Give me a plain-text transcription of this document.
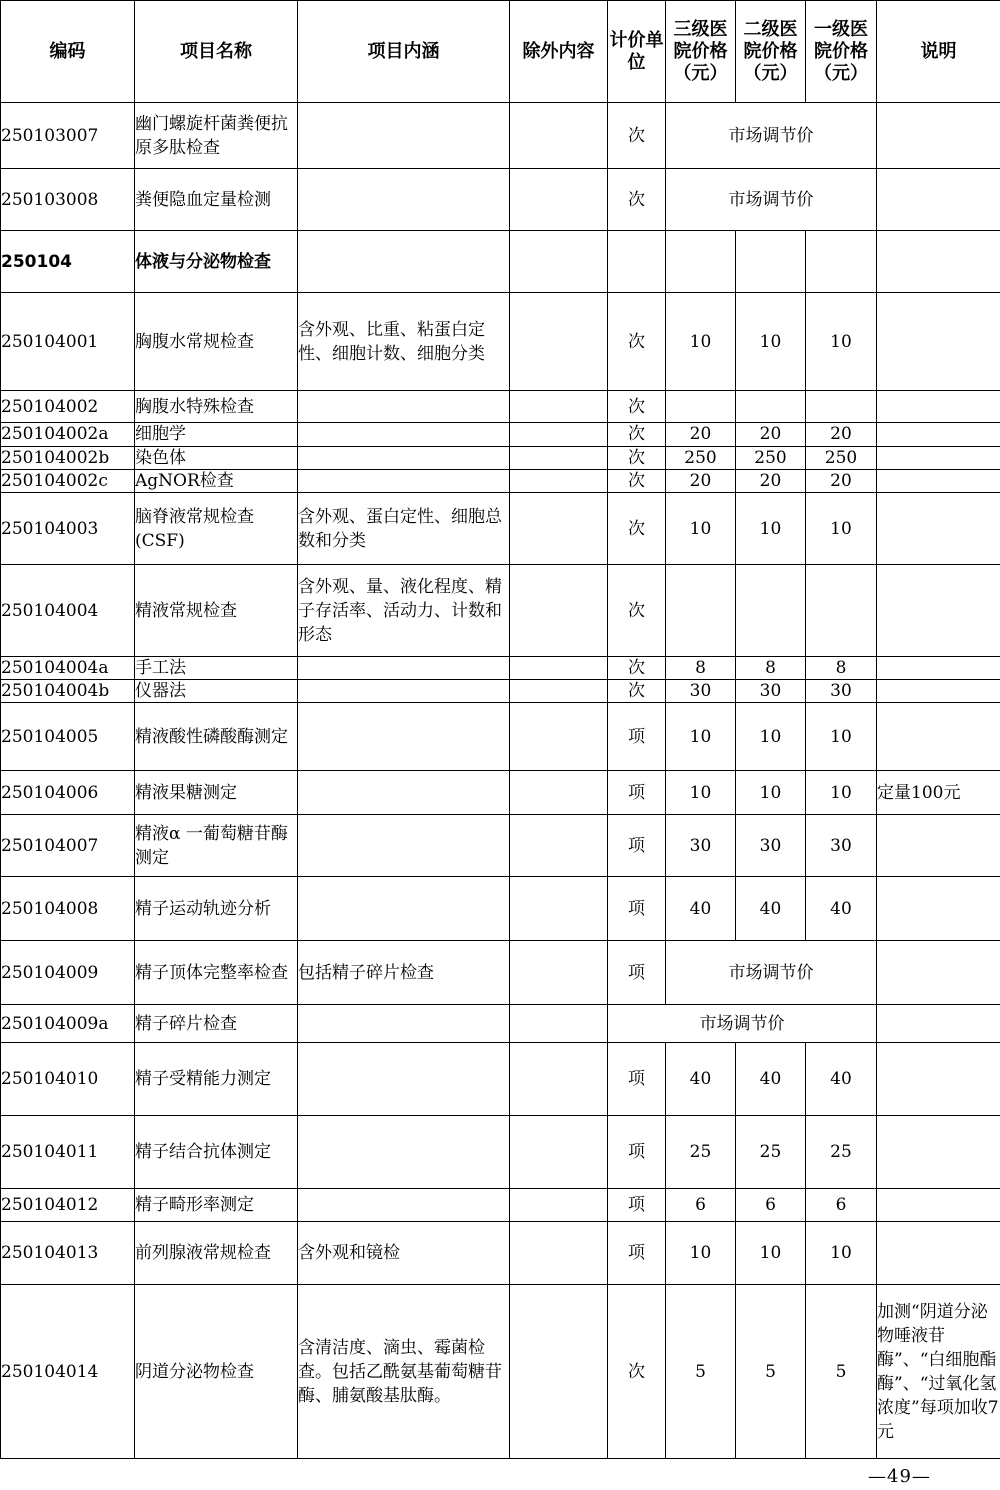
编码	项目名称	项目内涵	除外内容	计价单位	三级医院价格（元）	二级医院价格（元）	一级医院价格（元）	说明
250103007	幽门螺旋杆菌粪便抗原多肽检查			次	市场调节价			
250103008	粪便隐血定量检测			次	市场调节价			
250104	体液与分泌物检查							
250104001	胸腹水常规检查	含外观、比重、粘蛋白定性、细胞计数、细胞分类		次	10	10	10	
250104002	胸腹水特殊检查			次				
250104002a	细胞学			次	20	20	20	
250104002b	染色体			次	250	250	250	
250104002c	AgNOR检查			次	20	20	20	
250104003	脑脊液常规检查(CSF)	含外观、蛋白定性、细胞总数和分类		次	10	10	10	
250104004	精液常规检查	含外观、量、液化程度、精子存活率、活动力、计数和形态		次				
250104004a	手工法			次	8	8	8	
250104004b	仪器法			次	30	30	30	
250104005	精液酸性磷酸酶测定			项	10	10	10	
250104006	精液果糖测定			项	10	10	10	定量100元
250104007	精液α 一葡萄糖苷酶测定			项	30	30	30	
250104008	精子运动轨迹分析			项	40	40	40	
250104009	精子顶体完整率检查	包括精子碎片检查		项	市场调节价			
250104009a	精子碎片检查			市场调节价				
250104010	精子受精能力测定			项	40	40	40	
250104011	精子结合抗体测定			项	25	25	25	
250104012	精子畸形率测定			项	6	6	6	
250104013	前列腺液常规检查	含外观和镜检		项	10	10	10	
250104014	阴道分泌物检查	含清洁度、滴虫、霉菌检查。包括乙酰氨基葡萄糖苷酶、脯氨酸基肽酶。		次	5	5	5	加测“阴道分泌物唾液苷酶”、“白细胞酯酶”、“过氧化氢浓度”每项加收7元
—49—
